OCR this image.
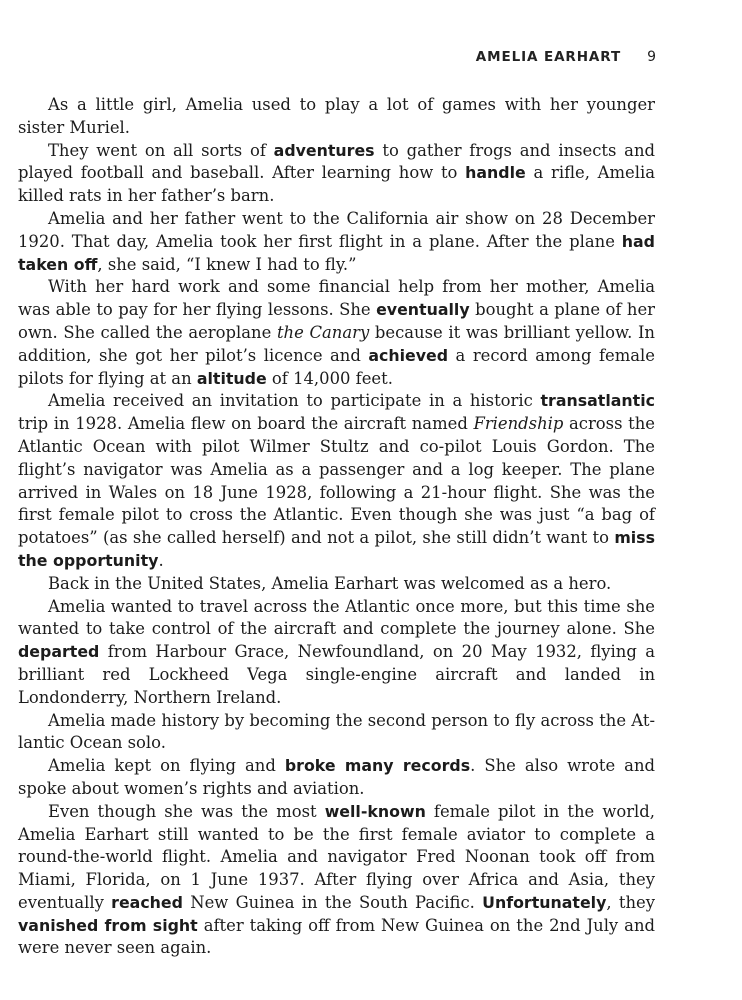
AMELIA EARHART 9

As a little girl, Amelia used to play a lot of games with her younger sister Muriel.

They went on all sorts of adventures to gather frogs and insects and played football and baseball. After learning how to handle a rifle, Amelia killed rats in her father’s barn.

Amelia and her father went to the California air show on 28 December 1920. That day, Amelia took her first flight in a plane. After the plane had taken off, she said, “I knew I had to fly.”

With her hard work and some financial help from her mother, Amelia was able to pay for her flying lessons. She eventually bought a plane of her own. She called the aeroplane the Canary because it was brilliant yellow. In addition, she got her pilot’s licence and achieved a record among female pilots for flying at an altitude of 14,000 feet.

Amelia received an invitation to participate in a historic transatlantic trip in 1928. Amelia flew on board the aircraft named Friendship across the Atlantic Ocean with pilot Wilmer Stultz and co-pilot Louis Gordon. The flight’s navigator was Amelia as a passenger and a log keeper. The plane arrived in Wales on 18 June 1928, following a 21-hour flight. She was the first female pilot to cross the Atlantic. Even though she was just “a bag of potatoes” (as she called herself) and not a pilot, she still didn’t want to miss the opportunity.

Back in the United States, Amelia Earhart was welcomed as a hero.

Amelia wanted to travel across the Atlantic once more, but this time she wanted to take control of the aircraft and complete the journey alone. She departed from Harbour Grace, Newfoundland, on 20 May 1932, flying a brilliant red Lockheed Vega single-engine aircraft and landed in Londonderry, Northern Ireland.

Amelia made history by becoming the second person to fly across the Atlantic Ocean solo.

Amelia kept on flying and broke many records. She also wrote and spoke about women’s rights and aviation.

Even though she was the most well-known female pilot in the world, Amelia Earhart still wanted to be the first female aviator to complete a round-the-world flight. Amelia and navigator Fred Noonan took off from Miami, Florida, on 1 June 1937. After flying over Africa and Asia, they eventually reached New Guinea in the South Pacific. Unfortunately, they vanished from sight after taking off from New Guinea on the 2nd July and were never seen again.
